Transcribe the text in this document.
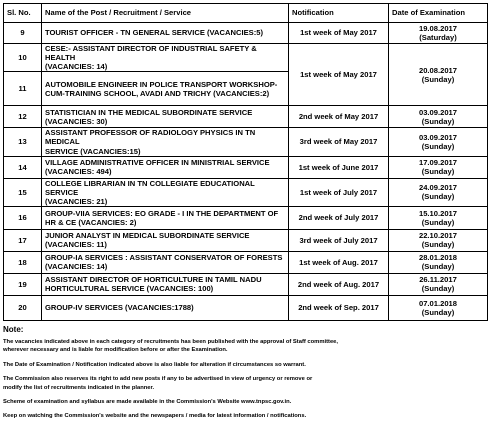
Sl. No.	Name of the Post / Recruitment / Service	Notification	Date of Examination
9	TOURIST OFFICER - TN GENERAL SERVICE (VACANCIES:5)	1st week of May 2017	19.08.2017
(Saturday)

10	CESE:- ASSISTANT DIRECTOR OF INDUSTRIAL SAFETY & HEALTH
(VACANCIES: 14)	1st week of May 2017	20.08.2017
(Sunday)

11	AUTOMOBILE ENGINEER IN POLICE TRANSPORT WORKSHOP-
CUM-TRAINING SCHOOL, AVADI AND TRICHY (VACANCIES:2)		

12	STATISTICIAN IN THE MEDICAL SUBORDINATE SERVICE
(VACANCIES: 30)	2nd week of May 2017	03.09.2017
(Sunday)

13	ASSISTANT PROFESSOR OF RADIOLOGY PHYSICS IN TN MEDICAL
SERVICE (VACANCIES:15)	3rd week of May 2017	03.09.2017
(Sunday)

14	VILLAGE ADMINISTRATIVE OFFICER IN MINISTRIAL SERVICE
(VACANCIES: 494)	1st week of June 2017	17.09.2017
(Sunday)

15	COLLEGE LIBRARIAN IN TN COLLEGIATE EDUCATIONAL SERVICE
(VACANCIES: 21)	1st week of July 2017	24.09.2017
(Sunday)

16	GROUP-VIIA SERVICES: EO GRADE - I IN THE DEPARTMENT OF
HR & CE (VACANCIES: 2)	2nd week of July 2017	15.10.2017
(Sunday)

17	JUNIOR ANALYST IN MEDICAL SUBORDINATE SERVICE
(VACANCIES: 11)	3rd week of July 2017	22.10.2017
(Sunday)

18	GROUP-IA SERVICES : ASSISTANT CONSERVATOR OF FORESTS
(VACANCIES: 14)	1st week of Aug. 2017	28.01.2018
(Sunday)

19	ASSISTANT DIRECTOR OF HORTICULTURE IN TAMIL NADU
HORTICULTURAL SERVICE (VACANCIES: 100)	2nd week of Aug. 2017	26.11.2017
(Sunday)

20	GROUP-IV SERVICES (VACANCIES:1788)	2nd week of Sep. 2017	07.01.2018
(Sunday)
Note:

The vacancies indicated above in each category of recruitments has been published with the approval of Staff committee,
wherever necessary and is liable for modification before or after the Examination.

The Date of Examination / Notification indicated above is also liable for alteration if circumstances so warrant.

The Commission also reserves its right to add new posts if any to be advertised in view of urgency or remove or
modify the list of recruitments indicated in the planner.

Scheme of examination and syllabus are made available in the Commission's Website www.tnpsc.gov.in.

Keep on watching the Commission's website and the newspapers / media for latest information / notifications.
